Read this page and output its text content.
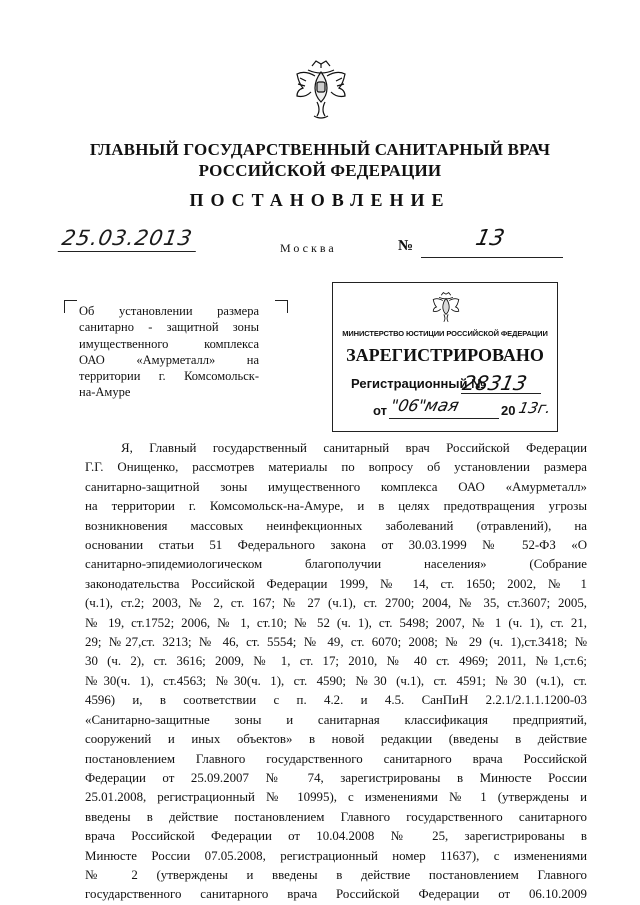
ГЛАВНЫЙ ГОСУДАРСТВЕННЫЙ САНИТАРНЫЙ ВРАЧ
РОССИЙСКОЙ ФЕДЕРАЦИИ
ПОСТАНОВЛЕНИЕ
25.03.2013	Москва	№	13
Об установлении размера
санитарно - защитной зоны
имущественного комплекса
ОАО «Амурметалл» на
территории г. Комсомольск-
на-Амуре
МИНИСТЕРСТВО ЮСТИЦИИ РОССИЙСКОЙ ФЕДЕРАЦИИ
ЗАРЕГИСТРИРОВАНО
Регистрационный №
28313
от "06"
мая	20 13г.
Я, Главный государственный санитарный врач Российской Федерации
Г.Г. Онищенко, рассмотрев материалы по вопросу об установлении размера
санитарно-защитной зоны имущественного комплекса ОАО «Амурметалл»
на территории г. Комсомольск-на-Амуре, и в целях предотвращения угрозы
возникновения массовых неинфекционных заболеваний (отравлений), на
основании статьи 51 Федерального закона от 30.03.1999 № 52-ФЗ «О
санитарно-эпидемиологическом благополучии населения» (Собрание
законодательства Российской Федерации 1999, № 14, ст. 1650; 2002, № 1
(ч.1), ст.2; 2003, № 2, ст. 167; № 27 (ч.1), ст. 2700; 2004, № 35, ст.3607; 2005,
№ 19, ст.1752; 2006, № 1, ст.10; № 52 (ч. 1), ст. 5498; 2007, № 1 (ч. 1), ст. 21,
29; №27,ст. 3213; № 46, ст. 5554; № 49, ст. 6070; 2008; № 29 (ч. 1),ст.3418; №
30 (ч. 2), ст. 3616; 2009, № 1, ст. 17; 2010, № 40 ст. 4969; 2011, №1,ст.6;
№30(ч. 1), ст.4563; №30(ч. 1), ст. 4590; №30 (ч.1), ст. 4591; №30 (ч.1), ст.
4596) и, в соответствии с п. 4.2. и 4.5. СанПиН 2.2.1/2.1.1.1200-03
«Санитарно-защитные зоны и санитарная классификация предприятий,
сооружений и иных объектов» в новой редакции (введены в действие
постановлением Главного государственного санитарного врача Российской
Федерации от 25.09.2007 № 74, зарегистрированы в Минюсте России
25.01.2008, регистрационный № 10995), с изменениями № 1 (утверждены и
введены в действие постановлением Главного государственного санитарного
врача Российской Федерации от 10.04.2008 № 25, зарегистрированы в
Минюсте России 07.05.2008, регистрационный номер 11637), с изменениями
№ 2 (утверждены и введены в действие постановлением Главного
государственного санитарного врача Российской Федерации от 06.10.2009
